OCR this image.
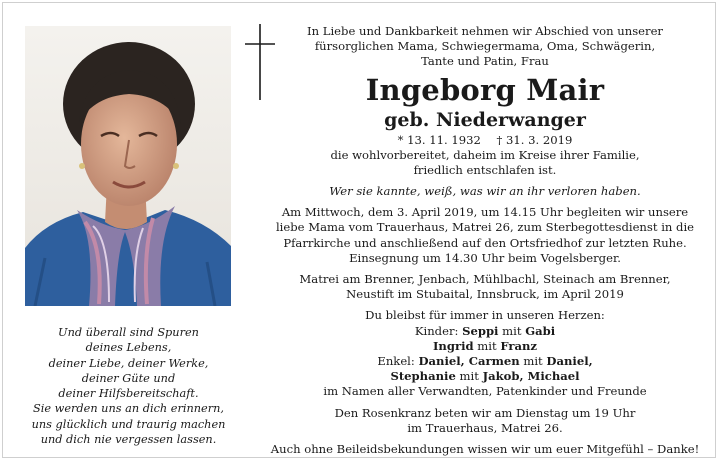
Und überall sind Spuren
deines Lebens,
deiner Liebe, deiner Werke,
deiner Güte und
deiner Hilfsbereitschaft.
Sie werden uns an dich erinnern,
uns glücklich und traurig machen
und dich nie vergessen lassen.
In Liebe und Dankbarkeit nehmen wir Abschied von unserer
fürsorglichen Mama, Schwiegermama, Oma, Schwägerin,
Tante und Patin, Frau
Ingeborg Mair
geb. Niederwanger
* 13. 11. 1932 † 31. 3. 2019
die wohlvorbereitet, daheim im Kreise ihrer Familie,
friedlich entschlafen ist.
Wer sie kannte, weiß, was wir an ihr verloren haben.
Am Mittwoch, dem 3. April 2019, um 14.15 Uhr begleiten wir unsere
liebe Mama vom Trauerhaus, Matrei 26, zum Sterbegottesdienst in die
Pfarrkirche und anschließend auf den Ortsfriedhof zur letzten Ruhe.
Einsegnung um 14.30 Uhr beim Vogelsberger.
Matrei am Brenner, Jenbach, Mühlbachl, Steinach am Brenner,
Neustift im Stubaital, Innsbruck, im April 2019
Du bleibst für immer in unseren Herzen:
Kinder: Seppi mit Gabi
Ingrid mit Franz
Enkel: Daniel, Carmen mit Daniel,
Stephanie mit Jakob, Michael
im Namen aller Verwandten, Patenkinder und Freunde
Den Rosenkranz beten wir am Dienstag um 19 Uhr
im Trauerhaus, Matrei 26.
Auch ohne Beileidsbekundungen wissen wir um euer Mitgefühl – Danke!
